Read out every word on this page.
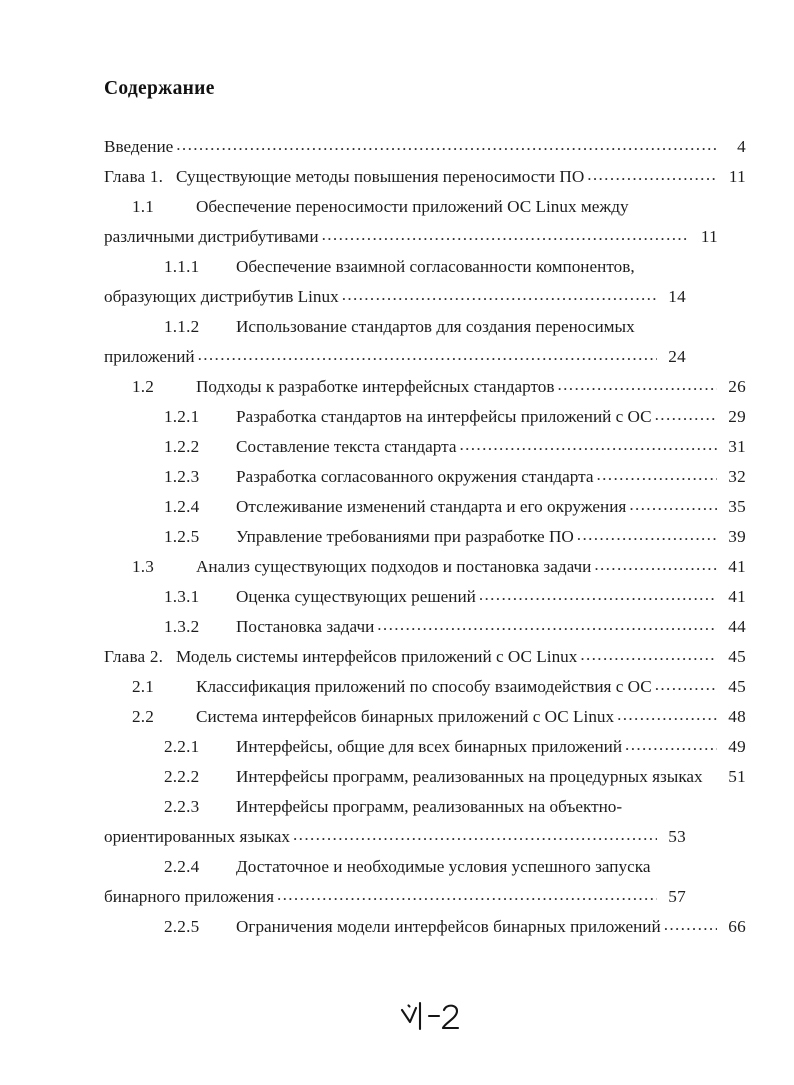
Содержание
Введение .....	4
Глава 1. Существующие методы повышения переносимости ПО .....	11
1.1	Обеспечение переносимости приложений ОС Linux между
различными дистрибутивами .....	11
1.1.1	Обеспечение взаимной согласованности компонентов,
образующих дистрибутив Linux .....	14
1.1.2	Использование стандартов для создания переносимых
приложений .....	24
1.2	Подходы к разработке интерфейсных стандартов .....	26
1.2.1	Разработка стандартов на интерфейсы приложений с ОС .....	29
1.2.2	Составление текста стандарта .....	31
1.2.3	Разработка согласованного окружения стандарта .....	32
1.2.4	Отслеживание изменений стандарта и его окружения .....	35
1.2.5	Управление требованиями при разработке ПО .....	39
1.3	Анализ существующих подходов и постановка задачи .....	41
1.3.1	Оценка существующих решений .....	41
1.3.2	Постановка задачи .....	44
Глава 2. Модель системы интерфейсов приложений с ОС Linux .....	45
2.1	Классификация приложений по способу взаимодействия с ОС .....	45
2.2	Система интерфейсов бинарных приложений с ОС Linux .....	48
2.2.1	Интерфейсы, общие для всех бинарных приложений .....	49
2.2.2	Интерфейсы программ, реализованных на процедурных языках	51
2.2.3	Интерфейсы программ, реализованных на объектно-
ориентированных языках .....	53
2.2.4	Достаточное и необходимые условия успешного запуска
бинарного приложения .....	57
2.2.5	Ограничения модели интерфейсов бинарных приложений .....	66
